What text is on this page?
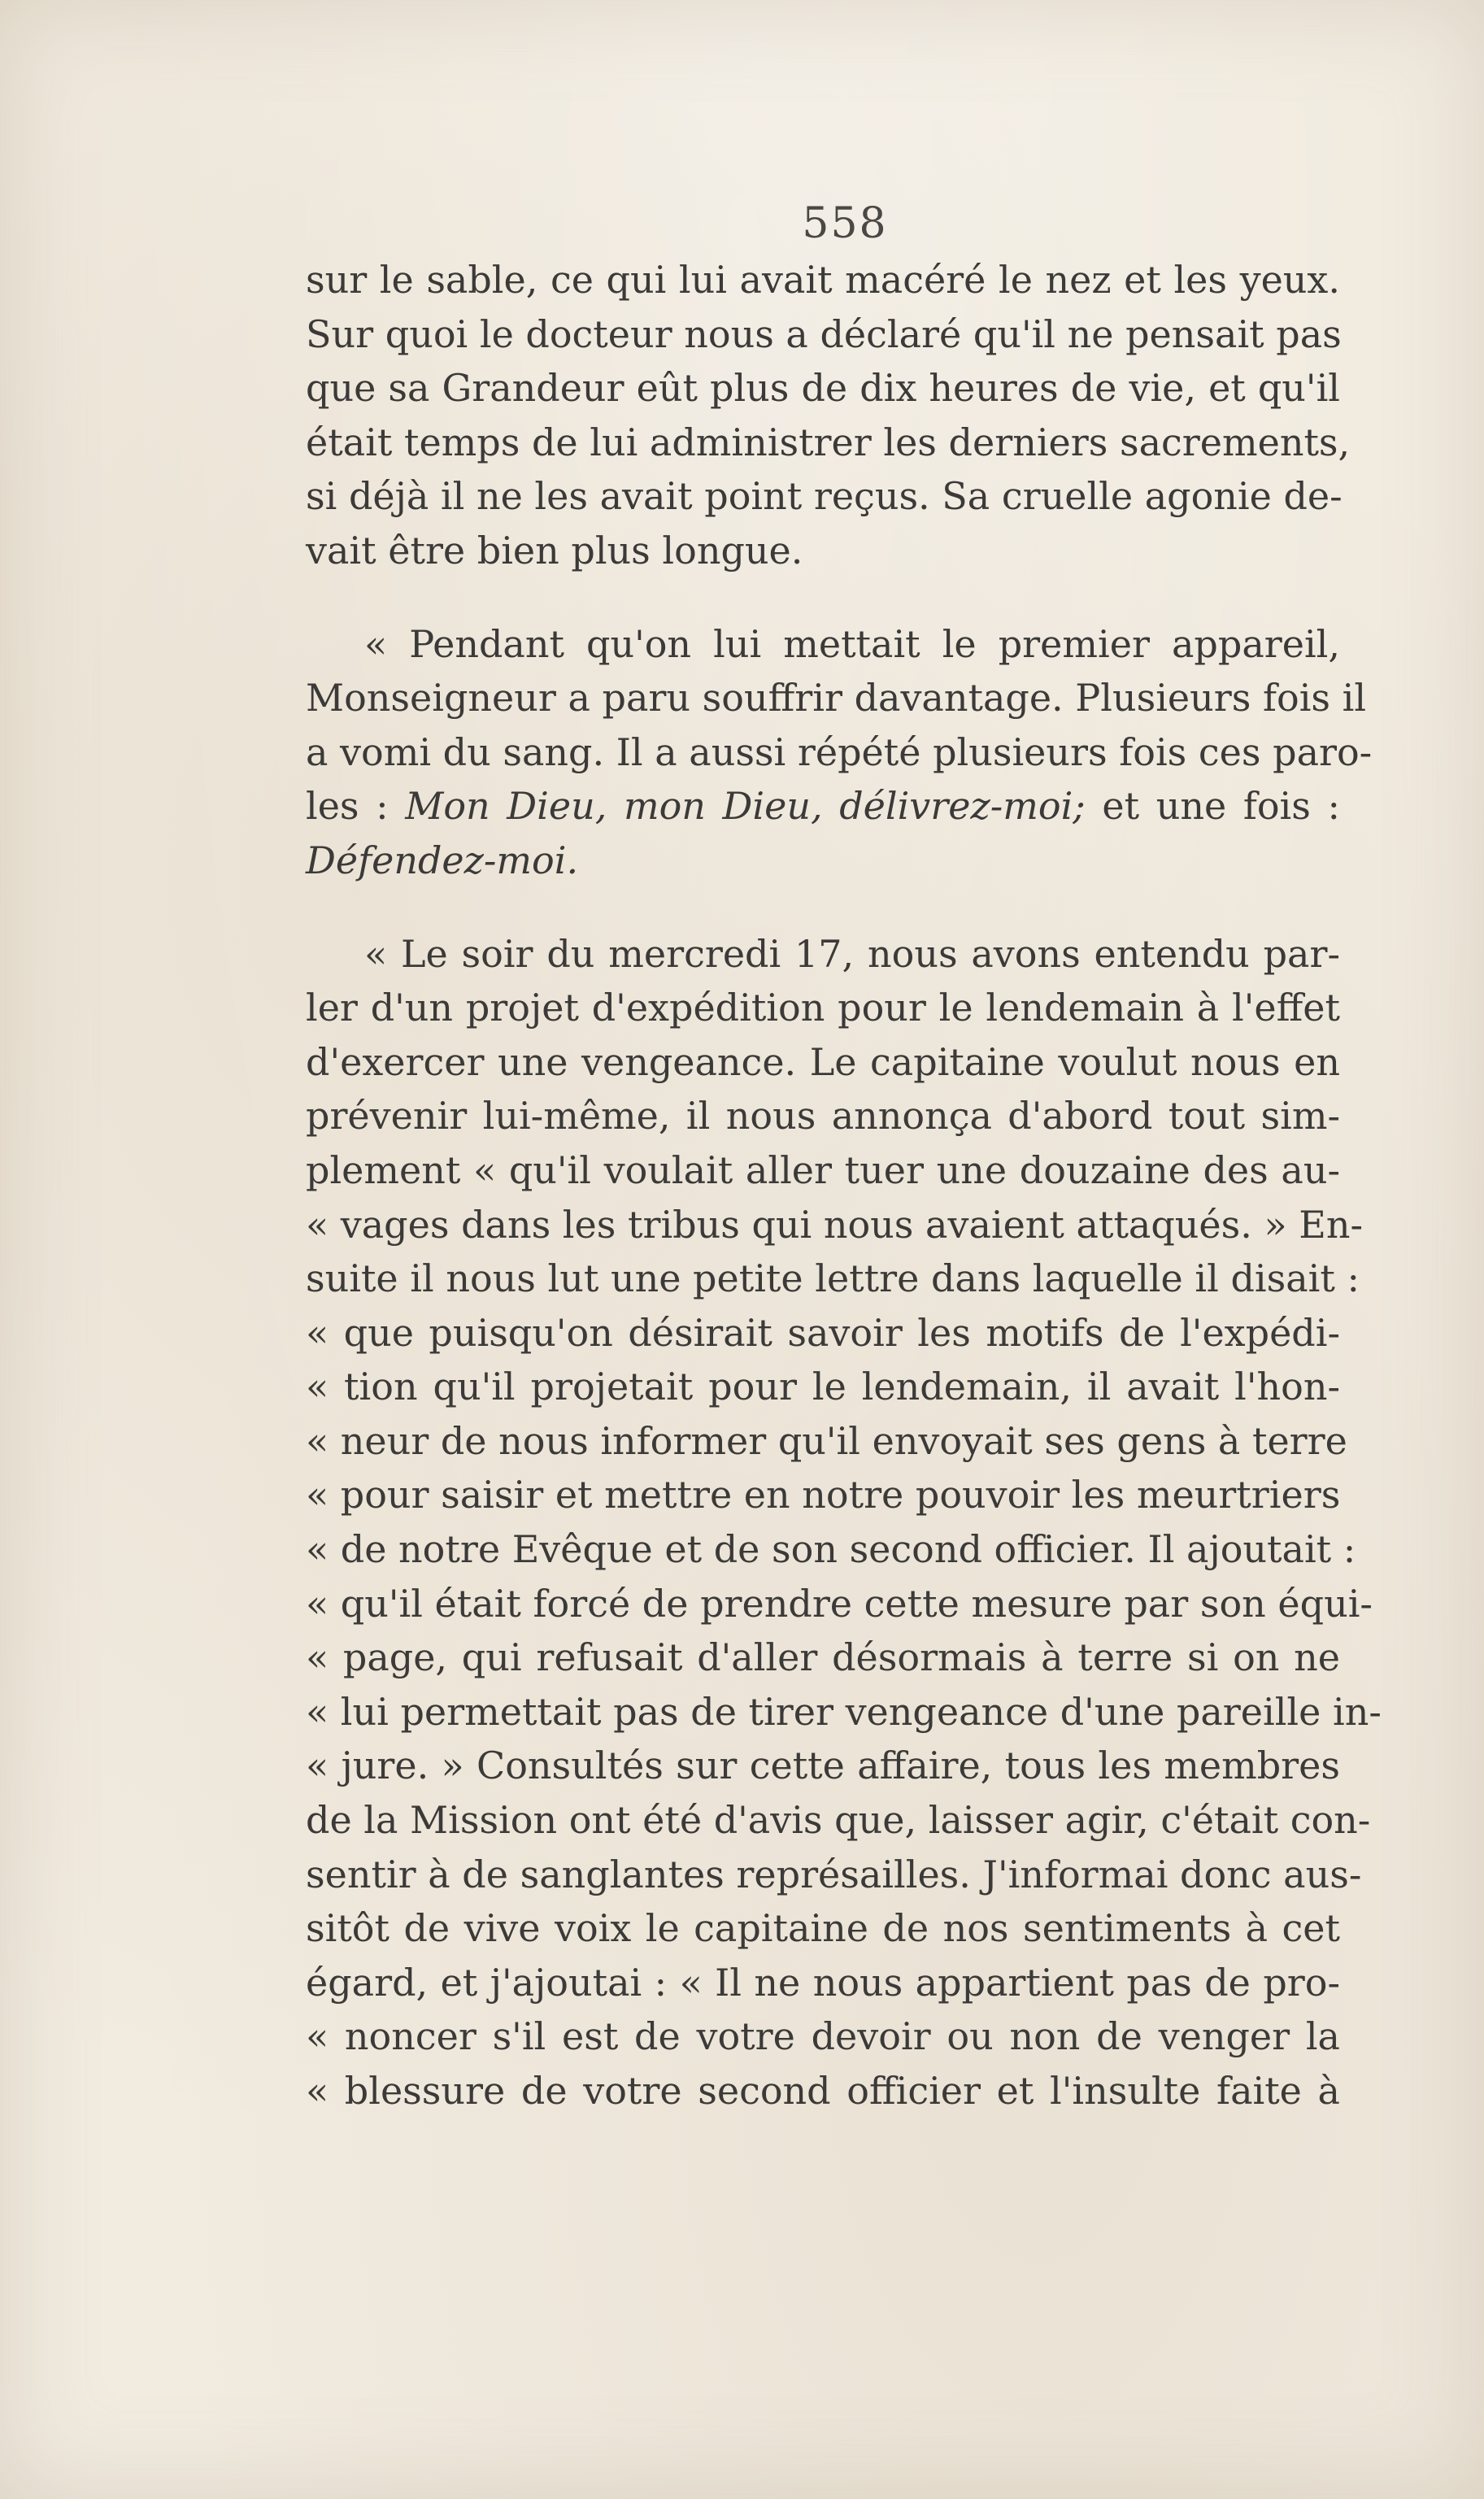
558
sur le sable, ce qui lui avait macéré le nez et les yeux.
Sur quoi le docteur nous a déclaré qu'il ne pensait pas
que sa Grandeur eût plus de dix heures de vie, et qu'il
était temps de lui administrer les derniers sacrements,
si déjà il ne les avait point reçus. Sa cruelle agonie de-
vait être bien plus longue.
« Pendant qu'on lui mettait le premier appareil,
Monseigneur a paru souffrir davantage. Plusieurs fois il
a vomi du sang. Il a aussi répété plusieurs fois ces paro-
les : Mon Dieu, mon Dieu, délivrez-moi; et une fois :
Défendez-moi.
« Le soir du mercredi 17, nous avons entendu par-
ler d'un projet d'expédition pour le lendemain à l'effet
d'exercer une vengeance. Le capitaine voulut nous en
prévenir lui-même, il nous annonça d'abord tout sim-
plement « qu'il voulait aller tuer une douzaine des au-
« vages dans les tribus qui nous avaient attaqués. » En-
suite il nous lut une petite lettre dans laquelle il disait :
« que puisqu'on désirait savoir les motifs de l'expédi-
« tion qu'il projetait pour le lendemain, il avait l'hon-
« neur de nous informer qu'il envoyait ses gens à terre
« pour saisir et mettre en notre pouvoir les meurtriers
« de notre Evêque et de son second officier. Il ajoutait :
« qu'il était forcé de prendre cette mesure par son équi-
« page, qui refusait d'aller désormais à terre si on ne
« lui permettait pas de tirer vengeance d'une pareille in-
« jure. » Consultés sur cette affaire, tous les membres
de la Mission ont été d'avis que, laisser agir, c'était con-
sentir à de sanglantes représailles. J'informai donc aus-
sitôt de vive voix le capitaine de nos sentiments à cet
égard, et j'ajoutai : « Il ne nous appartient pas de pro-
« noncer s'il est de votre devoir ou non de venger la
« blessure de votre second officier et l'insulte faite à
